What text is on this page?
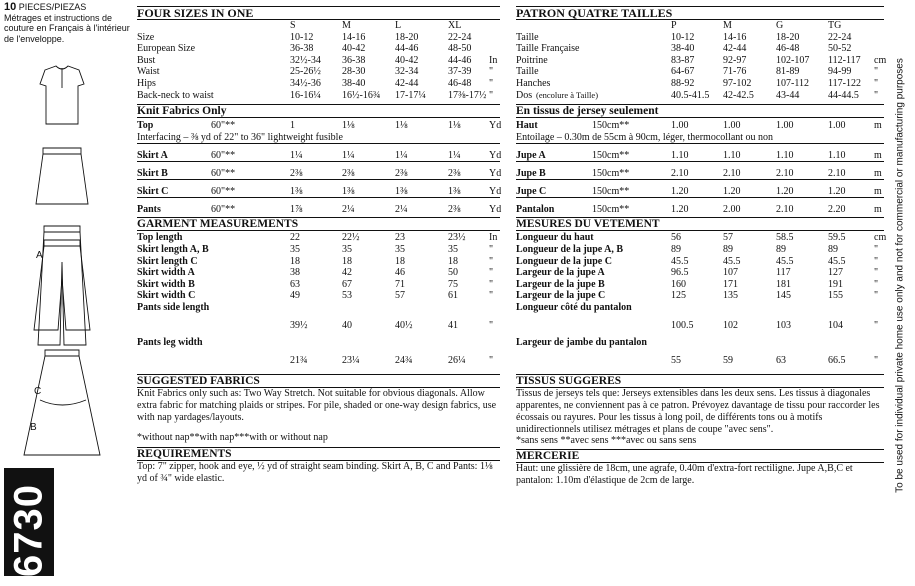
10 PIECES/PIEZAS
Métrages et instructions de couture en Français à l'intérieur de l'enveloppe.
A
C
B
6730
FOUR SIZES IN ONE
S	M	L	XL
Size	10-12	14-16	18-20	22-24
European Size	36-38	40-42	44-46	48-50
Bust	32½-34 36-38	40-42	44-46 In
Waist	25-26½ 28-30	32-34	37-39 "
Hips	34½-36 38-40	42-44	46-48 "
Back-neck to waist	16-16¼ 16½-16¾ 17-17¼ 17⅜-17½ "
Knit Fabrics Only
Top	60"**	1	1⅛	1⅛	1⅛	Yd
Interfacing – ⅜ yd of 22" to 36" lightweight fusible
Skirt A	60"**	1¼	1¼	1¼	1¼	Yd
Skirt B	60"**	2⅜	2⅜	2⅜	2⅜	Yd
Skirt C	60"**	1⅜	1⅜	1⅜	1⅜	Yd
Pants	60"**	1⅞	2¼	2¼	2⅜	Yd
GARMENT MEASUREMENTS
Top length	22	22½	23	23½ In
Skirt length A, B	35	35	35	35	"
Skirt length C	18	18	18	18	"
Skirt width A	38	42	46	50	"
Skirt width B	63	67	71	75	"
Skirt width C	49	53	57	61	"
Pants side length
39½	40	40½	41	"
Pants leg width
21¾	23¼	24¾	26¼ "
SUGGESTED FABRICS
Knit Fabrics only such as: Two Way Stretch. Not suitable for obvious diagonals. Allow extra fabric for matching plaids or stripes. For pile, shaded or one-way design fabrics, use with nap yardages/layouts.
*without nap**with nap***with or without nap
REQUIREMENTS
Top: 7" zipper, hook and eye, ½ yd of straight seam binding. Skirt A, B, C and Pants: 1⅛ yd of ¾" wide elastic.
PATRON QUATRE TAILLES
P	M	G	TG
Taille	10-12	14-16	18-20	22-24
Taille Française	38-40	42-44	46-48	50-52
Poitrine	83-87	92-97	102-107 112-117 cm
Taille	64-67	71-76	81-89	94-99 "
Hanches	88-92	97-102 107-112 117-122 "
Dos (encolure à Taille)	40.5-41.5 42-42.5 43-44	44-44.5 "
En tissus de jersey seulement
Haut	150cm**	1.00	1.00	1.00	1.00	m
Entoilage – 0.30m de 55cm à 90cm, léger, thermocollant ou non
Jupe A	150cm**	1.10	1.10	1.10	1.10	m
Jupe B	150cm**	2.10	2.10	2.10	2.10	m
Jupe C	150cm**	1.20	1.20	1.20	1.20	m
Pantalon	150cm**	1.20	2.00	2.10	2.20	m
MESURES DU VETEMENT
Longueur du haut	56	57	58.5	59.5	cm
Longueur de la jupe A, B	89	89	89	89	"
Longueur de la jupe C	45.5	45.5	45.5	45.5	"
Largeur de la jupe A	96.5	107	117	127	"
Largeur de la jupe B	160	171	181	191	"
Largeur de la jupe C	125	135	145	155	"
Longueur côté du pantalon
100.5	102	103	104	"
Largeur de jambe du pantalon
55	59	63	66.5	"
TISSUS SUGGERES
Tissus de jerseys tels que: Jerseys extensibles dans les deux sens. Les tissus à diagonales apparentes, ne conviennent pas à ce patron. Prévoyez davantage de tissu pour raccorder les écossais ou rayures. Pour les tissus à long poil, de différents tons ou à motifs unidirectionnels utilisez métrages et plans de coupe "avec sens".
*sans sens **avec sens ***avec ou sans sens
MERCERIE
Haut: une glissière de 18cm, une agrafe, 0.40m d'extra-fort rectiligne. Jupe A,B,C et pantalon: 1.10m d'élastique de 2cm de large.	To be used for individual private home use only and not for commercial or manufacturing purposes
